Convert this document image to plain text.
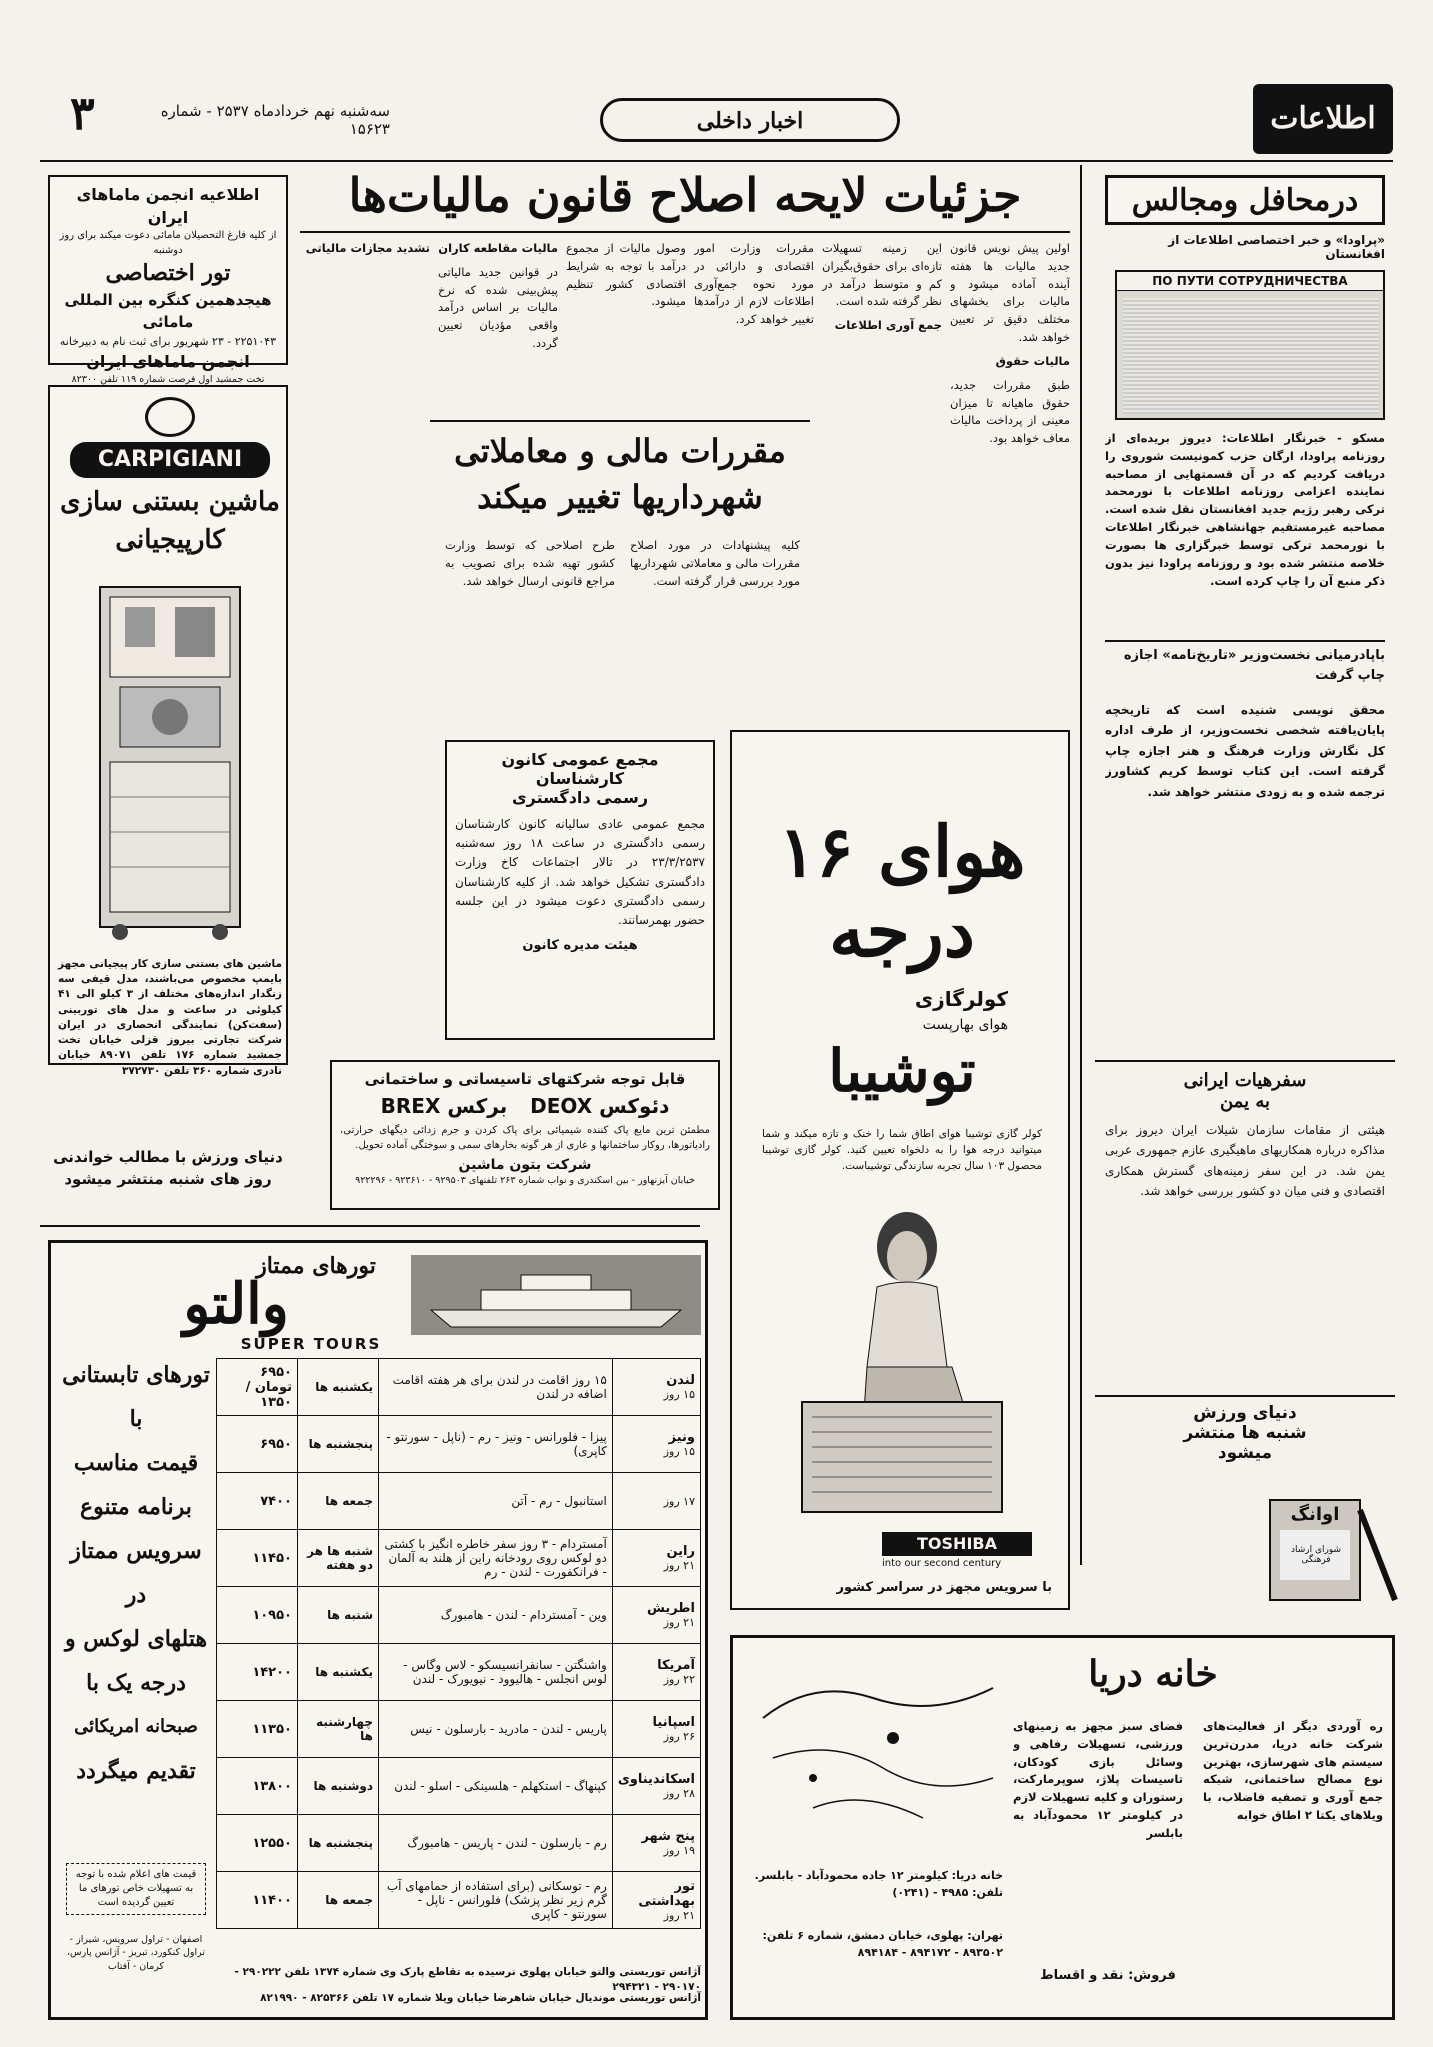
۳	سه‌شنبه نهم خردادماه ۲۵۳۷ - شماره ۱۵۶۲۳	اخبار داخلی	اطلاعات
اطلاعیه انجمن ماماهای ایران
از کلیه فارغ التحصیلان مامائی دعوت میکند برای روز دوشنبه
تور اختصاصی
هیجدهمین کنگره بین المللی مامائی
۲۲۵۱۰۴۳ - ۲۳ شهریور برای ثبت نام به دبیرخانه
انجمن ماماهای ایران
تخت جمشید اول فرصت شماره ۱۱۹ تلفن ۸۲۳۰۰
CARPIGIANI
ماشین بستنی سازی
کارپیجیانی
ماشین های بستنی سازی کار پیجیانی مجهز بایمپ مخصوص می‌باشند، مدل قیفی سه زنگدار اندازه‌های مختلف از ۳ کیلو الی ۴۱ کیلوئی در ساعت و مدل های توربینی (سفت‌کن) نمایندگی انحصاری در ایران شرکت تجارتی بیروز قزلی خیابان تخت جمشید شماره ۱۷۶ تلفن ۸۹۰۷۱ خیابان نادری شماره ۳۶۰ تلفن ۳۷۲۷۳۰
دنیای ورزش با مطالب خواندنی
روز های شنبه منتشر میشود
جزئیات لایحه اصلاح قانون مالیات‌ها

اولین پیش نویس قانون جدید مالیات ها هفته آینده آماده میشود و مالیات برای بخشهای مختلف دقیق تر تعیین خواهد شد.

مالیات حقوق

طبق مقررات جدید، حقوق ماهیانه تا میزان معینی از پرداخت مالیات معاف خواهد بود.

این زمینه تسهیلات تازه‌ای برای حقوق‌بگیران کم و متوسط درآمد در نظر گرفته شده است.

جمع آوری اطلاعات

مقررات وزارت امور اقتصادی و دارائی در مورد نحوه جمع‌آوری اطلاعات لازم از درآمدها تغییر خواهد کرد.

وصول مالیات از مجموع درآمد با توجه به شرایط اقتصادی کشور تنظیم میشود.

مالیات مقاطعه کاران

در قوانین جدید مالیاتی پیش‌بینی شده که نرخ مالیات بر اساس درآمد واقعی مؤدیان تعیین گردد.

تشدید مجازات مالیاتی

مقررات مالی و معاملاتی
شهرداریها تغییر میکند

کلیه پیشنهادات در مورد اصلاح مقررات مالی و معاملاتی شهرداریها مورد بررسی قرار گرفته است.

طرح اصلاحی که توسط وزارت کشور تهیه شده برای تصویب به مراجع قانونی ارسال خواهد شد.

مجمع عمومی کانون کارشناسان
رسمی دادگستری
مجمع عمومی عادی سالیانه کانون کارشناسان رسمی دادگستری در ساعت ۱۸ روز سه‌شنبه ۲۳/۳/۲۵۳۷ در تالار اجتماعات کاخ وزارت دادگستری تشکیل خواهد شد. از کلیه کارشناسان رسمی دادگستری دعوت میشود در این جلسه حضور بهمرسانند.
هیئت مدیره کانون
قابل توجه شرکتهای تاسیساتی و ساختمانی
دئوکس DEOX برکس BREX
مطمئن ترین مایع پاک کننده شیمیائی برای پاک کردن و جرم زدائی دیگهای حرارتی، رادیاتورها، روکار ساختمانها و عاری از هر گونه بخارهای سمی و سوختگی آماده تحویل.
شرکت بتون ماشین
خیابان آیزنهاور - بین اسکندری و نواب شماره ۲۶۳ تلفنهای ۹۲۹۵۰۳ - ۹۲۳۶۱۰ - ۹۲۲۲۹۶
هوای ۱۶
درجه
کولرگازی
هوای بهارپست
توشیبا
کولر گازی توشیبا هوای اطاق شما را خنک و تازه میکند و شما میتوانید درجه هوا را به دلخواه تعیین کنید. کولر گازی توشیبا محصول ۱۰۳ سال تجربه سازندگی توشیباست.
TOSHIBA
into our second century
با سرویس مجهز در سراسر کشور
درمحافل ومجالس
«پراودا» و خبر اختصاصی اطلاعات از افغانستان
ПО ПУТИ СОТРУДНИЧЕСТВА
مسکو - خبرنگار اطلاعات: دیروز بریده‌ای از روزنامه پراودا، ارگان حزب کمونیست شوروی را دریافت کردیم که در آن قسمتهایی از مصاحبه نماینده اعزامی روزنامه اطلاعات با نورمحمد ترکی رهبر رژیم جدید افغانستان نقل شده است. مصاحبه غیرمستقیم جهانشاهی خبرنگار اطلاعات با نورمحمد ترکی توسط خبرگزاری ها بصورت خلاصه منتشر شده بود و روزنامه پراودا نیز بدون ذکر منبع آن را چاپ کرده است.
باپادرمیانی نخست‌وزیر «تاریخ‌نامه» اجازه چاپ گرفت
محقق نویسی شنیده است که تاریخچه پایان‌یافته شخصی نخست‌وزیر، از طرف اداره کل نگارش وزارت فرهنگ و هنر اجازه چاپ گرفته است. این کتاب توسط کریم کشاورز ترجمه شده و به زودی منتشر خواهد شد.
سفرهیات ایرانی
به یمن
هیئتی از مقامات سازمان شیلات ایران دیروز برای مذاکره درباره همکاریهای ماهیگیری عازم جمهوری عربی یمن شد. در این سفر زمینه‌های گسترش همکاری اقتصادی و فنی میان دو کشور بررسی خواهد شد.
دنیای ورزش
شنبه ها منتشر
میشود
اوانگ
شورای ارشاد فرهنگی
تورهای ممتاز
والتو
SUPER TOURS
تورهای تابستانی
با
قیمت مناسب
برنامه متنوع
سرویس ممتاز
در
هتلهای لوکس و
درجه یک با
صبحانه امریکائی
تقدیم میگردد
قیمت های اعلام شده با توجه به تسهیلات خاص تورهای ما تعیین گردیده است
اصفهان - تراول سرویس، شیراز - تراول کنکورد، تبریز - آژانس پارس، کرمان - آفتاب
لندن
۱۵ روز	۱۵ روز اقامت در لندن برای هر هفته اقامت اضافه در لندن	یکشنبه ها	۶۹۵۰ تومان / ۱۳۵۰

ونیز
۱۵ روز	پیزا - فلورانس - ونیز - رم - (ناپل - سورنتو - کاپری)	پنجشنبه ها	۶۹۵۰

۱۷ روز	استانبول - رم - آتن	جمعه ها	۷۴۰۰

راین
۲۱ روز	آمستردام - ۳ روز سفر خاطره انگیز با کشتی دو لوکس روی رودخانه راین از هلند به آلمان - فرانکفورت - لندن - رم	شنبه ها هر دو هفته	۱۱۴۵۰

اطریش
۲۱ روز	وین - آمستردام - لندن - هامبورگ	شنبه ها	۱۰۹۵۰

آمریکا
۲۲ روز	واشنگتن - سانفرانسیسکو - لاس وگاس - لوس انجلس - هالیوود - نیویورک - لندن	یکشنبه ها	۱۴۲۰۰

اسپانیا
۲۶ روز	پاریس - لندن - مادرید - بارسلون - نیس	چهارشنبه ها	۱۱۳۵۰

اسکاندیناوی
۲۸ روز	کپنهاگ - استکهلم - هلسینکی - اسلو - لندن	دوشنبه ها	۱۳۸۰۰

پنج شهر
۱۹ روز	رم - بارسلون - لندن - پاریس - هامبورگ	پنجشنبه ها	۱۲۵۵۰

تور بهداشتی
۲۱ روز	رم - توسکانی (برای استفاده از حمامهای آب گرم زیر نظر پزشک) فلورانس - ناپل - سورنتو - کاپری	جمعه ها	۱۱۴۰۰
آژانس توریستی والتو خیابان پهلوی نرسیده به تقاطع پارک وی شماره ۱۳۷۴ تلفن ۲۹۰۲۲۲ - ۲۹۰۱۷۰ - ۲۹۴۳۲۱
آژانس توریستی موندیال خیابان شاهرضا خیابان ویلا شماره ۱۷ تلفن ۸۲۵۳۶۶ - ۸۲۱۹۹۰
خانه دریا
فضای سبز مجهز به زمینهای ورزشی، تسهیلات رفاهی و وسائل بازی کودکان، تاسیسات پلاژ، سوپرمارکت، رستوران و کلیه تسهیلات لازم در کیلومتر ۱۲ محمودآباد به بابلسر
ره آوردی دیگر از فعالیت‌های شرکت خانه دریا، مدرن‌ترین سیستم های شهرسازی، بهترین نوع مصالح ساختمانی، شبکه جمع آوری و تصفیه فاضلاب، با ویلاهای یکتا ۲ اطاق خوابه
فروش: نقد و اقساط
خانه دریا: کیلومتر ۱۲ جاده محمودآباد - بابلسر. تلفن: ۴۹۸۵ - (۰۲۴۱)
تهران: پهلوی، خیابان دمشق، شماره ۶ تلفن: ۸۹۳۵۰۲ - ۸۹۴۱۷۲ - ۸۹۴۱۸۴
